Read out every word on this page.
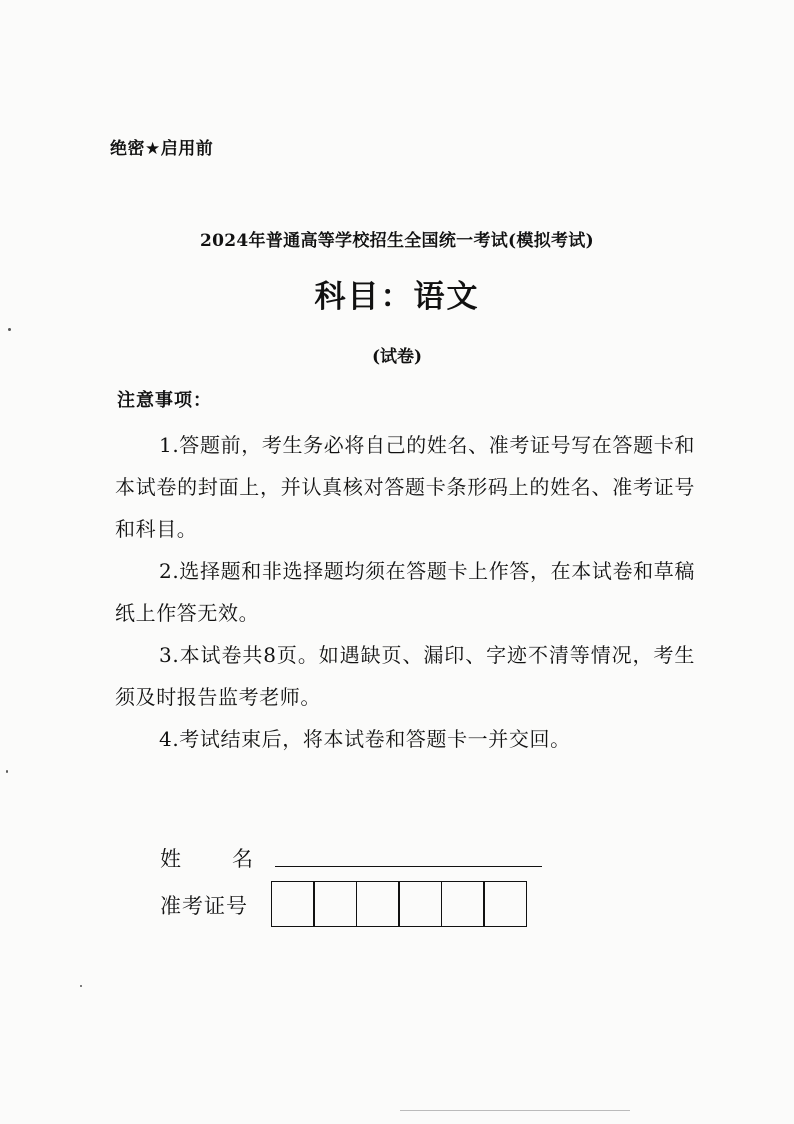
绝密★启用前
2024年普通高等学校招生全国统一考试(模拟考试)
科目：语文
(试卷)
注意事项：

1.答题前，考生务必将自己的姓名、准考证号写在答题卡和本试卷的封面上，并认真核对答题卡条形码上的姓名、准考证号和科目。

2.选择题和非选择题均须在答题卡上作答，在本试卷和草稿纸上作答无效。

3.本试卷共8页。如遇缺页、漏印、字迹不清等情况，考生须及时报告监考老师。

4.考试结束后，将本试卷和答题卡一并交回。

姓 名
准考证号
